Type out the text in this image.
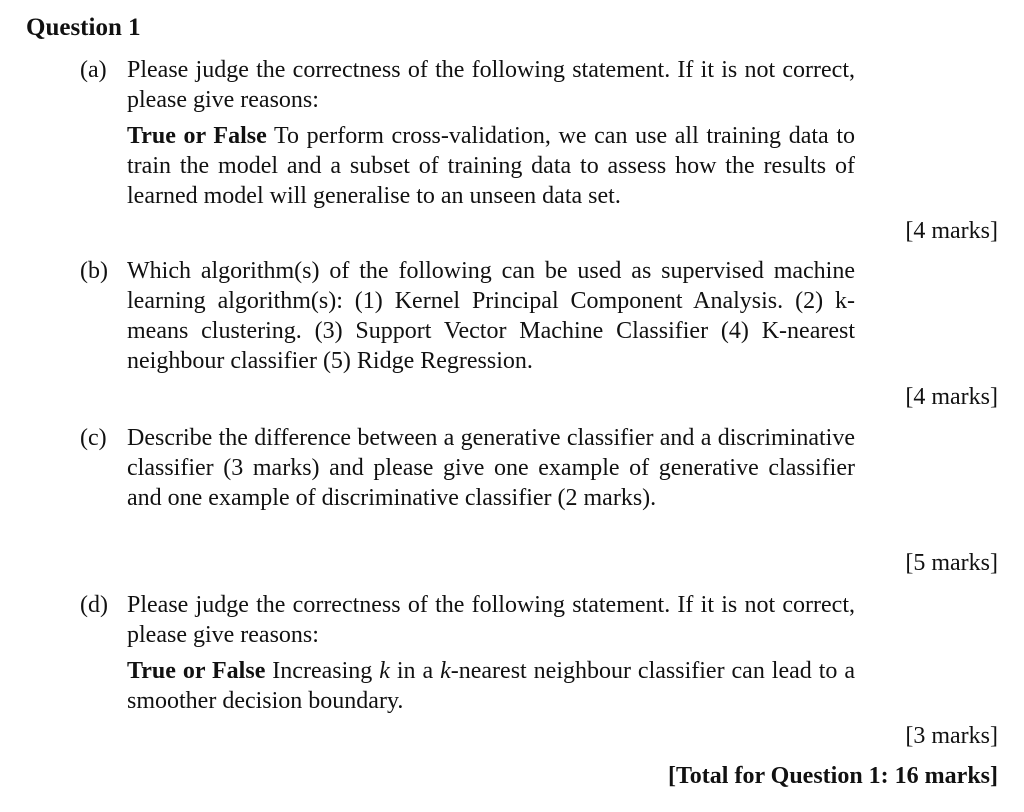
Question 1
(a) Please judge the correctness of the following statement. If it is not correct, please give reasons:

True or False To perform cross-validation, we can use all training data to train the model and a subset of training data to assess how the results of learned model will generalise to an unseen data set.

[4 marks]
(b) Which algorithm(s) of the following can be used as supervised machine learning algorithm(s): (1) Kernel Principal Component Analysis. (2) k-means clustering. (3) Support Vector Machine Classifier (4) K-nearest neighbour classifier (5) Ridge Regression.

[4 marks]
(c) Describe the difference between a generative classifier and a discriminative classifier (3 marks) and please give one example of generative classifier and one example of discriminative classifier (2 marks).

[5 marks]
(d) Please judge the correctness of the following statement. If it is not correct, please give reasons:

True or False Increasing k in a k-nearest neighbour classifier can lead to a smoother decision boundary.

[3 marks]
[Total for Question 1: 16 marks]
